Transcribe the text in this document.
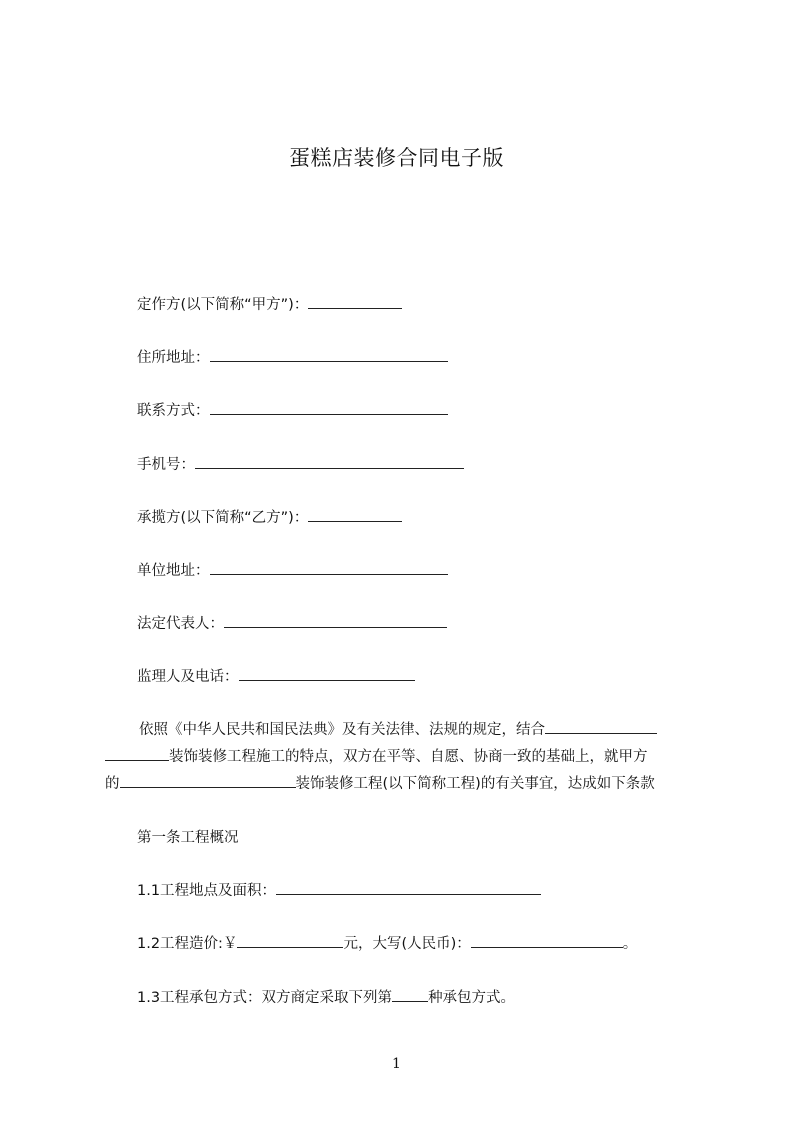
蛋糕店装修合同电子版
定作方(以下简称“甲方”)：
住所地址：
联系方式：
手机号：
承揽方(以下简称“乙方”)：
单位地址：
法定代表人：
监理人及电话：
依照《中华人民共和国民法典》及有关法律、法规的规定，结合
装饰装修工程施工的特点，双方在平等、自愿、协商一致的基础上，就甲方
的	装饰装修工程(以下简称工程)的有关事宜，达成如下条款
第一条工程概况
1.1工程地点及面积：
1.2工程造价:￥	元，大写(人民币)：	。
1.3工程承包方式：双方商定采取下列第 种承包方式。
1
